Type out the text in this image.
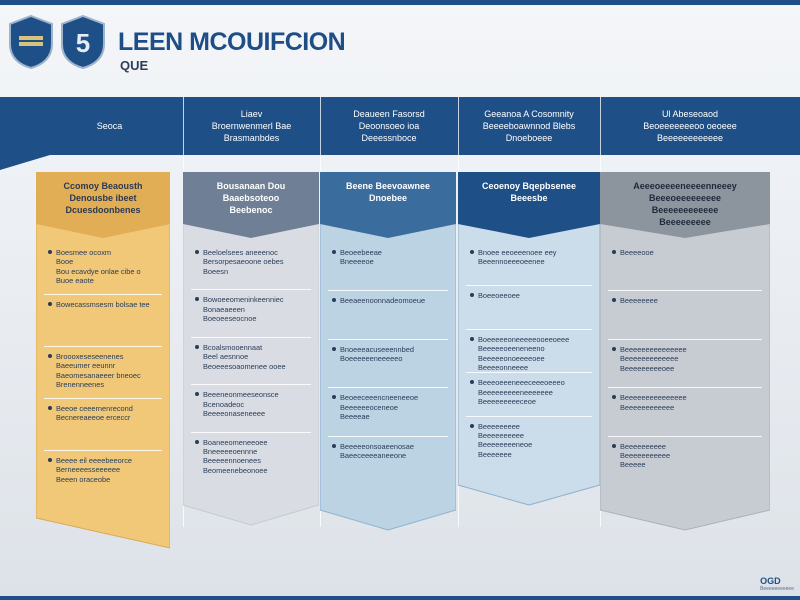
5 LEEN MCOUIFCION
QUE
Seoca
Liaev
Broernwenmerl Bae
Brasmanbdes
Deaueen Fasorsd
Deoonsoeo ioa
Deeessnboce
Geeanoa A Cosomnity
Beeeeboawnnod Blebs
Dnoeboeee
Ul Abeseoaod
Beoeeeeeeeoo oeoeee
Beeeeeeeeeeee
Ccomoy Beaousth
Denousbe ibeet
Dcuesdoonbenes
Boesmee ocoxm
Booe
Bou ecavdye onlae cibe o
Buoe eaote
Bowecassmsesm bolsae tee
Broooxeseseenenes
Baeeumer eeunnr
Baeomesanaeeer bneoec
Brenenneenes
Beeoe ceeernenrecond
Becnereaeeoe erceccr
Beeee eil eeeebeeorce
Berneeeesseeeeee
Beeen oraceobe
Bousanaan Dou
Baaebsoteoo
Beebenoc
Beeloelsees aneeenoc
Bersorpesaeoone oebes
Boeesn
Bowoeeomeninkeenniec
Bonaeaeeen
Boeoeeseocnoe
Bcoalsmooennaat
Beel aesnnoe
Beoeeesoaomenee ooee
Beeeneonmeeseonsce
Bcenoadeoc
Beeeeonaseneeee
Boaneeomeneeoee
Bneeeeeoennne
Beeeeennoenees
Beomeenebeonoee
Beene Beevoawnee
Dnoebee
Beoeebeeae
Bneeeeoe
Beeaeenoonnadeomoeue
Bnoeeeacuseeennbed
Boeeeeeeneeeeeo
Beoeeceeencneeneeoe
Beeeeeeoceneoe
Beeeeae
Beeeeeonsoaeenosae
Baeeceeeeaneeone
Ceoenoy Bqepbsenee
Beeesbe
Bnoee eeoeeenoee eey
Beeennoeeeoeenee
Boeeoeeoee
Boeeeeeoneeeeeooeeoeee
Beeeeeoeeneneeno
Beeeeeonoeeeeoee
Beeeeonneeee
Beeeoeeeneeeceeeoeeeo
Beeeeeeeeeneeeeeee
Beeeeeeeeeceoe
Beeeeeeeee
Beeeeeeeeee
Beeeeeeeeneoe
Beeeeeee
Aeeeoeeeeneeeenneeey
Beeeoeeeeeeeee
Beeeeeeeeeeee
Beeeeeeeee
Beeeeooe
Beeeeeeee
Beeeeeeeeeeeeeee
Beeeeeeeeeeeee
Beeeeeeeeeoee
Beeeeeeeeeeeeeee
Beeeeeeeeeeee
Beeeeeeeeee
Beeeeeeeeeee
Beeeee
OGD
Beeeeeeeeeee
